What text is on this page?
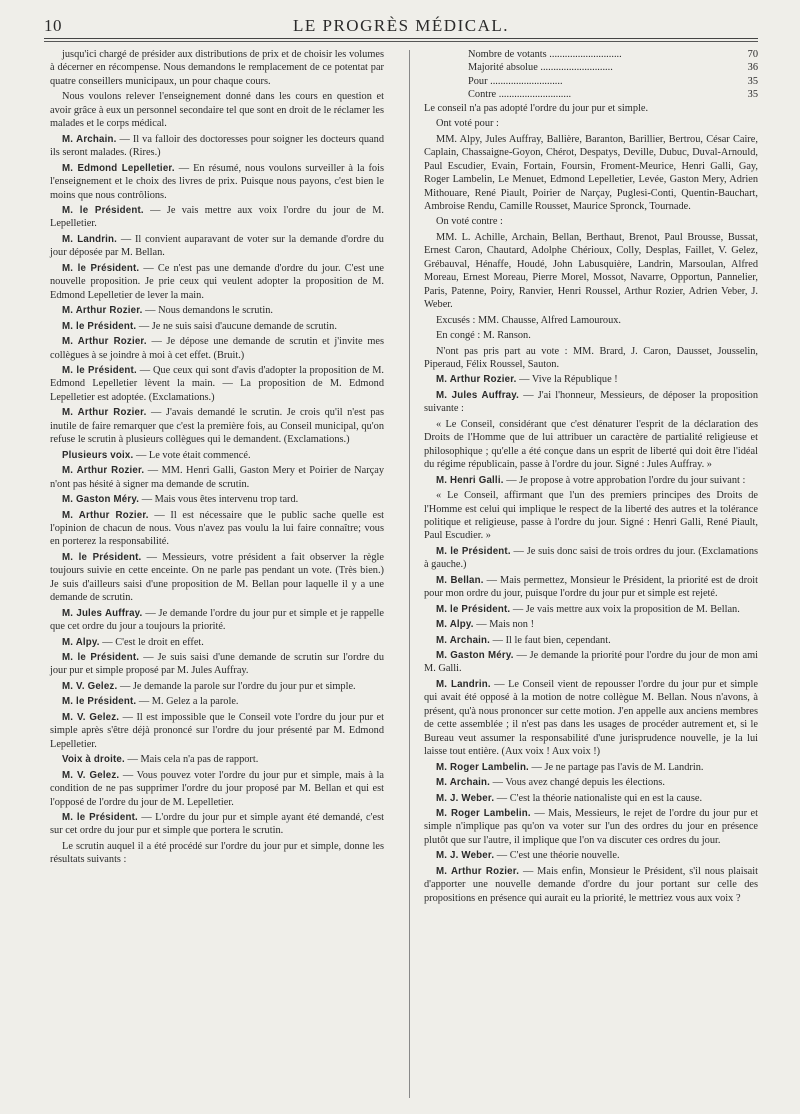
10	LE PROGRÈS MÉDICAL.

jusqu'ici chargé de présider aux distributions de prix et de choisir les volumes à décerner en récompense. Nous demandons le remplacement de ce potentat par quatre conseillers municipaux, un pour chaque cours.

Nous voulons relever l'enseignement donné dans les cours en question et avoir grâce à eux un personnel secondaire tel que sont en droit de le réclamer les malades et le corps médical.

M. Archain. — Il va falloir des doctoresses pour soigner les docteurs quand ils seront malades. (Rires.)

M. Edmond Lepelletier. — En résumé, nous voulons surveiller à la fois l'enseignement et le choix des livres de prix. Puisque nous payons, c'est bien le moins que nous contrôlions.

M. le Président. — Je vais mettre aux voix l'ordre du jour de M. Lepelletier.

M. Landrin. — Il convient auparavant de voter sur la demande d'ordre du jour déposée par M. Bellan.

M. le Président. — Ce n'est pas une demande d'ordre du jour. C'est une nouvelle proposition. Je prie ceux qui veulent adopter la proposition de M. Edmond Lepelletier de lever la main.

M. Arthur Rozier. — Nous demandons le scrutin.

M. le Président. — Je ne suis saisi d'aucune demande de scrutin.

M. Arthur Rozier. — Je dépose une demande de scrutin et j'invite mes collègues à se joindre à moi à cet effet. (Bruit.)

M. le Président. — Que ceux qui sont d'avis d'adopter la proposition de M. Edmond Lepelletier lèvent la main. — La proposition de M. Edmond Lepelletier est adoptée. (Exclamations.)

M. Arthur Rozier. — J'avais demandé le scrutin. Je crois qu'il n'est pas inutile de faire remarquer que c'est la première fois, au Conseil municipal, qu'on refuse le scrutin à plusieurs collègues qui le demandent. (Exclamations.)

Plusieurs voix. — Le vote était commencé.

M. Arthur Rozier. — MM. Henri Galli, Gaston Mery et Poirier de Narçay n'ont pas hésité à signer ma demande de scrutin.

M. Gaston Méry. — Mais vous êtes intervenu trop tard.

M. Arthur Rozier. — Il est nécessaire que le public sache quelle est l'opinion de chacun de nous. Vous n'avez pas voulu la lui faire connaître; vous en porterez la responsabilité.

M. le Président. — Messieurs, votre président a fait observer la règle toujours suivie en cette enceinte. On ne parle pas pendant un vote. (Très bien.) Je suis d'ailleurs saisi d'une proposition de M. Bellan pour laquelle il y a une demande de scrutin.

M. Jules Auffray. — Je demande l'ordre du jour pur et simple et je rappelle que cet ordre du jour a toujours la priorité.

M. Alpy. — C'est le droit en effet.

M. le Président. — Je suis saisi d'une demande de scrutin sur l'ordre du jour pur et simple proposé par M. Jules Auffray.

M. V. Gelez. — Je demande la parole sur l'ordre du jour pur et simple.

M. le Président. — M. Gelez a la parole.

M. V. Gelez. — Il est impossible que le Conseil vote l'ordre du jour pur et simple après s'être déjà prononcé sur l'ordre du jour présenté par M. Edmond Lepelletier.

Voix à droite. — Mais cela n'a pas de rapport.

M. V. Gelez. — Vous pouvez voter l'ordre du jour pur et simple, mais à la condition de ne pas supprimer l'ordre du jour proposé par M. Bellan et qui est l'opposé de l'ordre du jour de M. Lepelletier.

M. le Président. — L'ordre du jour pur et simple ayant été demandé, c'est sur cet ordre du jour pur et simple que portera le scrutin.

Le scrutin auquel il a été procédé sur l'ordre du jour pur et simple, donne les résultats suivants :

Nombre de votants ............................	70
Majorité absolue ............................	36
Pour ............................	35
Contre ............................	35

Le conseil n'a pas adopté l'ordre du jour pur et simple.

Ont voté pour :

MM. Alpy, Jules Auffray, Ballière, Baranton, Barillier, Bertrou, César Caire, Caplain, Chassaigne-Goyon, Chérot, Despatys, Deville, Dubuc, Duval-Arnould, Paul Escudier, Evain, Fortain, Foursin, Froment-Meurice, Henri Galli, Gay, Roger Lambelin, Le Menuet, Edmond Lepelletier, Levée, Gaston Mery, Adrien Mithouare, René Piault, Poirier de Narçay, Puglesi-Conti, Quentin-Bauchart, Ambroise Rendu, Camille Rousset, Maurice Spronck, Tournade.

On voté contre :

MM. L. Achille, Archain, Bellan, Berthaut, Brenot, Paul Brousse, Bussat, Ernest Caron, Chautard, Adolphe Chérioux, Colly, Desplas, Faillet, V. Gelez, Grébauval, Hénaffe, Houdé, John Labusquière, Landrin, Marsoulan, Alfred Moreau, Ernest Moreau, Pierre Morel, Mossot, Navarre, Opportun, Pannelier, Paris, Patenne, Poiry, Ranvier, Henri Roussel, Arthur Rozier, Adrien Veber, J. Weber.

Excusés : MM. Chausse, Alfred Lamouroux.

En congé : M. Ranson.

N'ont pas pris part au vote : MM. Brard, J. Caron, Dausset, Jousselin, Piperaud, Félix Roussel, Sauton.

M. Arthur Rozier. — Vive la République !

M. Jules Auffray. — J'ai l'honneur, Messieurs, de déposer la proposition suivante :

« Le Conseil, considérant que c'est dénaturer l'esprit de la déclaration des Droits de l'Homme que de lui attribuer un caractère de partialité religieuse et philosophique ; qu'elle a été conçue dans un esprit de liberté qui doit être l'idéal du régime républicain, passe à l'ordre du jour. Signé : Jules Auffray. »

M. Henri Galli. — Je propose à votre approbation l'ordre du jour suivant :

« Le Conseil, affirmant que l'un des premiers principes des Droits de l'Homme est celui qui implique le respect de la liberté des autres et la tolérance politique et religieuse, passe à l'ordre du jour. Signé : Henri Galli, René Piault, Paul Escudier. »

M. le Président. — Je suis donc saisi de trois ordres du jour. (Exclamations à gauche.)

M. Bellan. — Mais permettez, Monsieur le Président, la priorité est de droit pour mon ordre du jour, puisque l'ordre du jour pur et simple est rejeté.

M. le Président. — Je vais mettre aux voix la proposition de M. Bellan.

M. Alpy. — Mais non !

M. Archain. — Il le faut bien, cependant.

M. Gaston Méry. — Je demande la priorité pour l'ordre du jour de mon ami M. Galli.

M. Landrin. — Le Conseil vient de repousser l'ordre du jour pur et simple qui avait été opposé à la motion de notre collègue M. Bellan. Nous n'avons, à présent, qu'à nous prononcer sur cette motion. J'en appelle aux anciens membres de cette assemblée ; il n'est pas dans les usages de procéder autrement et, si le Bureau veut assumer la responsabilité d'une jurisprudence nouvelle, je la lui laisse tout entière. (Aux voix ! Aux voix !)

M. Roger Lambelin. — Je ne partage pas l'avis de M. Landrin.

M. Archain. — Vous avez changé depuis les élections.

M. J. Weber. — C'est la théorie nationaliste qui en est la cause.

M. Roger Lambelin. — Mais, Messieurs, le rejet de l'ordre du jour pur et simple n'implique pas qu'on va voter sur l'un des ordres du jour en présence plutôt que sur l'autre, il implique que l'on va discuter ces ordres du jour.

M. J. Weber. — C'est une théorie nouvelle.

M. Arthur Rozier. — Mais enfin, Monsieur le Président, s'il nous plaisait d'apporter une nouvelle demande d'ordre du jour portant sur celle des propositions en présence qui aurait eu la priorité, le mettriez vous aux voix ?
